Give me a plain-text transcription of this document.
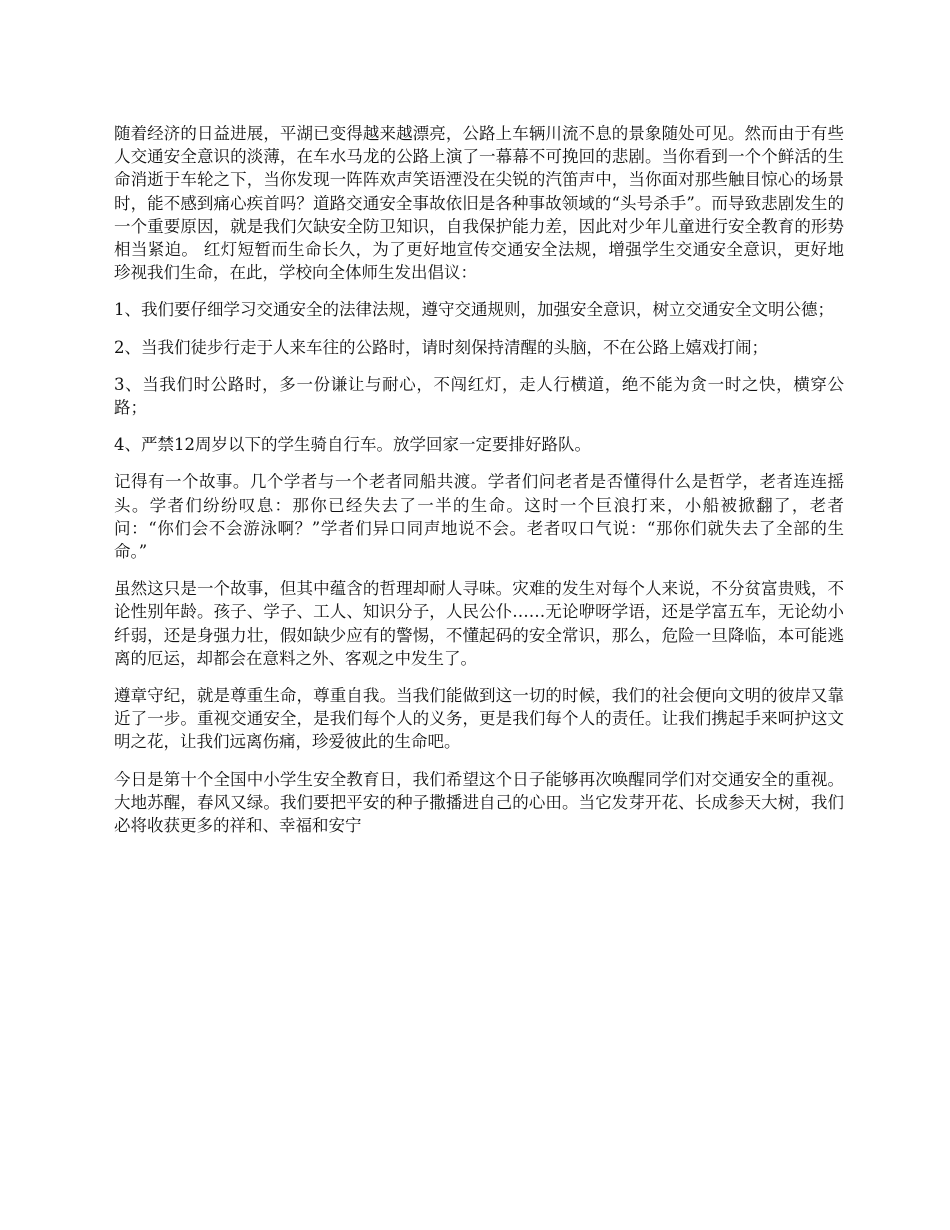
随着经济的日益进展，平湖已变得越来越漂亮，公路上车辆川流不息的景象随处可见。然而由于有些人交通安全意识的淡薄，在车水马龙的公路上演了一幕幕不可挽回的悲剧。当你看到一个个鲜活的生命消逝于车轮之下，当你发现一阵阵欢声笑语湮没在尖锐的汽笛声中，当你面对那些触目惊心的场景时，能不感到痛心疾首吗？道路交通安全事故依旧是各种事故领域的“头号杀手”。而导致悲剧发生的一个重要原因，就是我们欠缺安全防卫知识，自我保护能力差，因此对少年儿童进行安全教育的形势相当紧迫。 红灯短暂而生命长久，为了更好地宣传交通安全法规，增强学生交通安全意识，更好地珍视我们生命，在此，学校向全体师生发出倡议：

1、我们要仔细学习交通安全的法律法规，遵守交通规则，加强安全意识，树立交通安全文明公德；

2、当我们徒步行走于人来车往的公路时，请时刻保持清醒的头脑，不在公路上嬉戏打闹；

3、当我们时公路时，多一份谦让与耐心，不闯红灯，走人行横道，绝不能为贪一时之快，横穿公路；

4、严禁12周岁以下的学生骑自行车。放学回家一定要排好路队。

记得有一个故事。几个学者与一个老者同船共渡。学者们问老者是否懂得什么是哲学，老者连连摇头。学者们纷纷叹息：那你已经失去了一半的生命。这时一个巨浪打来，小船被掀翻了，老者问：“你们会不会游泳啊？”学者们异口同声地说不会。老者叹口气说：“那你们就失去了全部的生命。”

虽然这只是一个故事，但其中蕴含的哲理却耐人寻味。灾难的发生对每个人来说，不分贫富贵贱，不论性别年龄。孩子、学子、工人、知识分子，人民公仆……无论咿呀学语，还是学富五车，无论幼小纤弱，还是身强力壮，假如缺少应有的警惕，不懂起码的安全常识，那么，危险一旦降临，本可能逃离的厄运，却都会在意料之外、客观之中发生了。

遵章守纪，就是尊重生命，尊重自我。当我们能做到这一切的时候，我们的社会便向文明的彼岸又靠近了一步。重视交通安全，是我们每个人的义务，更是我们每个人的责任。让我们携起手来呵护这文明之花，让我们远离伤痛，珍爱彼此的生命吧。

今日是第十个全国中小学生安全教育日，我们希望这个日子能够再次唤醒同学们对交通安全的重视。大地苏醒，春风又绿。我们要把平安的种子撒播进自己的心田。当它发芽开花、长成参天大树，我们必将收获更多的祥和、幸福和安宁
